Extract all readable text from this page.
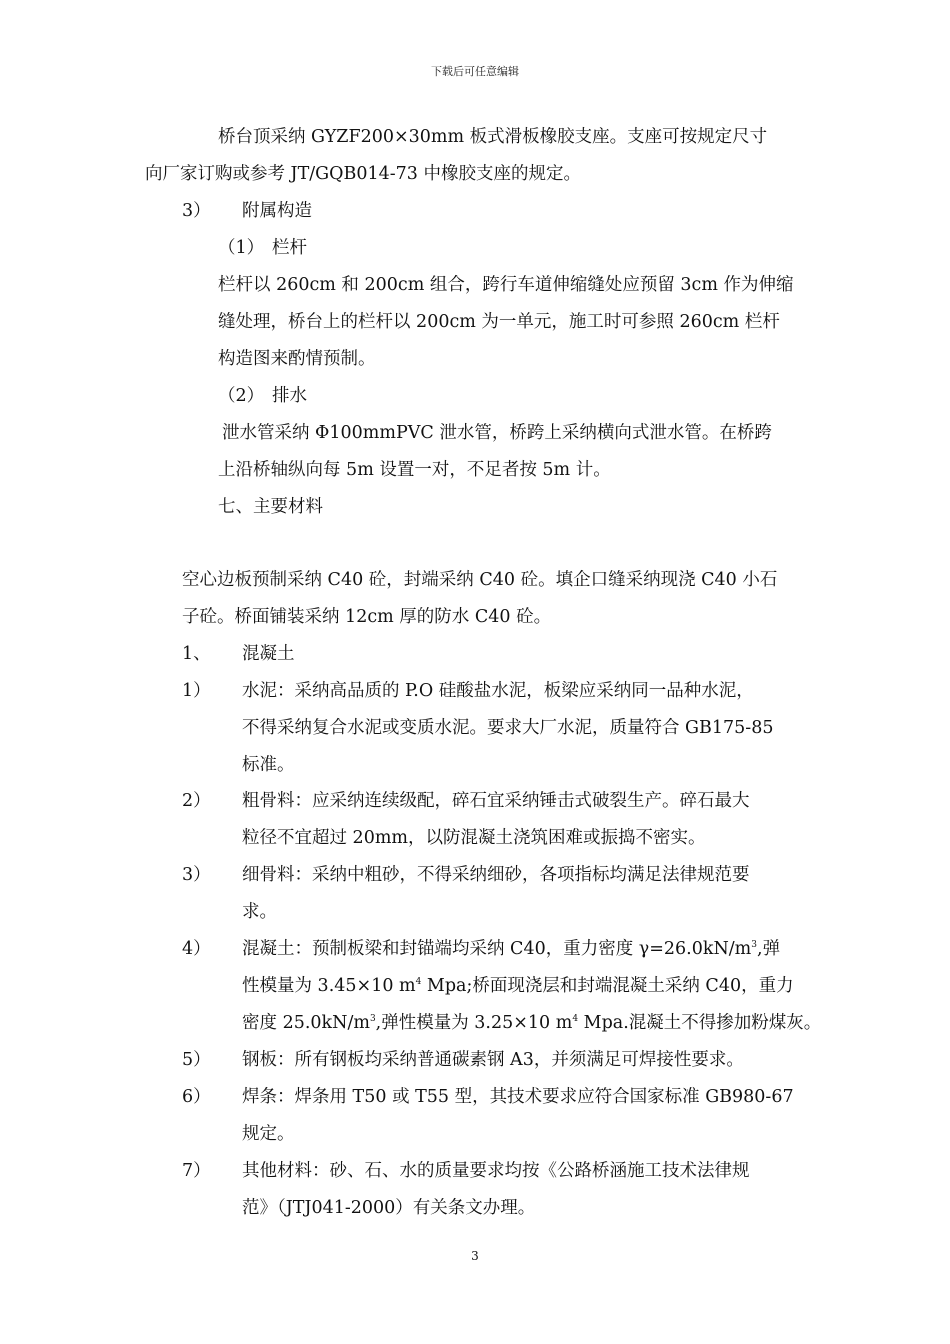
下载后可任意编辑
桥台顶采纳 GYZF200×30mm 板式滑板橡胶支座。支座可按规定尺寸
向厂家订购或参考 JT/GQB014-73 中橡胶支座的规定。
3） 附属构造
（1） 栏杆
栏杆以 260cm 和 200cm 组合，跨行车道伸缩缝处应预留 3cm 作为伸缩
缝处理，桥台上的栏杆以 200cm 为一单元，施工时可参照 260cm 栏杆
构造图来酌情预制。
（2） 排水
泄水管采纳 Φ100mmPVC 泄水管，桥跨上采纳横向式泄水管。在桥跨
上沿桥轴纵向每 5m 设置一对，不足者按 5m 计。
七、主要材料
空心边板预制采纳 C40 砼，封端采纳 C40 砼。填企口缝采纳现浇 C40 小石
子砼。桥面铺装采纳 12cm 厚的防水 C40 砼。
1、 混凝土
1） 水泥：采纳高品质的 P.O 硅酸盐水泥，板梁应采纳同一品种水泥，
不得采纳复合水泥或变质水泥。要求大厂水泥，质量符合 GB175-85
标准。
2） 粗骨料：应采纳连续级配，碎石宜采纳锤击式破裂生产。碎石最大
粒径不宜超过 20mm，以防混凝土浇筑困难或振捣不密实。
3） 细骨料：采纳中粗砂，不得采纳细砂，各项指标均满足法律规范要
求。
4） 混凝土：预制板梁和封锚端均采纳 C40，重力密度 $\gamma=26.0kN/m^3$,弹
性模量为 3.45×10 $m^4$ Mpa;桥面现浇层和封端混凝土采纳 C40，重力
密度 $25.0kN/m^3$,弹性模量为 3.25×10 $m^4$ Mpa.混凝土不得掺加粉煤灰。
5） 钢板：所有钢板均采纳普通碳素钢 A3，并须满足可焊接性要求。
6） 焊条：焊条用 T50 或 T55 型，其技术要求应符合国家标准 GB980-67
规定。
7） 其他材料：砂、石、水的质量要求均按《公路桥涵施工技术法律规
范》（JTJ041-2000）有关条文办理。
3
